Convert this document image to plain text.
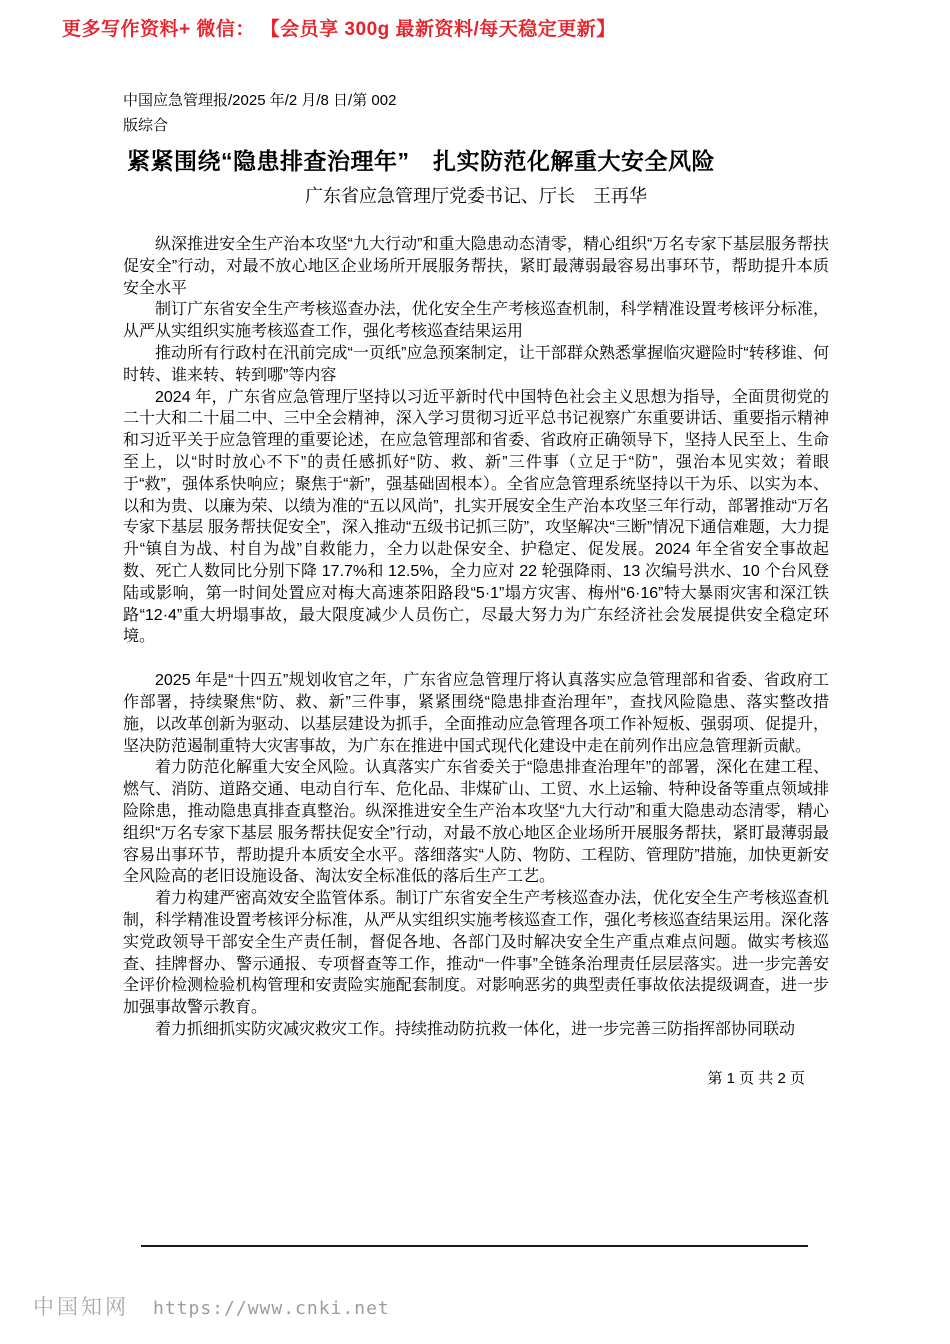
更多写作资料+ 微信： 【会员享 300g 最新资料/每天稳定更新】
中国应急管理报/2025 年/2 月/8 日/第 002
版综合
紧紧围绕“隐患排查治理年”　扎实防范化解重大安全风险
广东省应急管理厅党委书记、厅长　王再华

纵深推进安全生产治本攻坚“九大行动”和重大隐患动态清零，精心组织“万名专家下基层服务帮扶促安全”行动，对最不放心地区企业场所开展服务帮扶，紧盯最薄弱最容易出事环节，帮助提升本质安全水平

制订广东省安全生产考核巡查办法，优化安全生产考核巡查机制，科学精准设置考核评分标准，从严从实组织实施考核巡查工作，强化考核巡查结果运用

推动所有行政村在汛前完成“一页纸”应急预案制定，让干部群众熟悉掌握临灾避险时“转移谁、何时转、谁来转、转到哪”等内容

2024 年，广东省应急管理厅坚持以习近平新时代中国特色社会主义思想为指导，全面贯彻党的二十大和二十届二中、三中全会精神，深入学习贯彻习近平总书记视察广东重要讲话、重要指示精神和习近平关于应急管理的重要论述，在应急管理部和省委、省政府正确领导下，坚持人民至上、生命至上，以“时时放心不下”的责任感抓好“防、救、新”三件事（立足于“防”，强治本见实效；着眼于“救”，强体系快响应；聚焦于“新”，强基础固根本）。全省应急管理系统坚持以干为乐、以实为本、以和为贵、以廉为荣、以绩为准的“五以风尚”，扎实开展安全生产治本攻坚三年行动，部署推动“万名专家下基层 服务帮扶促安全”，深入推动“五级书记抓三防”，攻坚解决“三断”情况下通信难题，大力提升“镇自为战、村自为战”自救能力，全力以赴保安全、护稳定、促发展。2024 年全省安全事故起数、死亡人数同比分别下降 17.7%和 12.5%，全力应对 22 轮强降雨、13 次编号洪水、10 个台风登陆或影响，第一时间处置应对梅大高速茶阳路段“5·1”塌方灾害、梅州“6·16”特大暴雨灾害和深江铁路“12·4”重大坍塌事故，最大限度减少人员伤亡，尽最大努力为广东经济社会发展提供安全稳定环境。

2025 年是“十四五”规划收官之年，广东省应急管理厅将认真落实应急管理部和省委、省政府工作部署，持续聚焦“防、救、新”三件事，紧紧围绕“隐患排查治理年”，查找风险隐患、落实整改措施，以改革创新为驱动、以基层建设为抓手，全面推动应急管理各项工作补短板、强弱项、促提升，坚决防范遏制重特大灾害事故，为广东在推进中国式现代化建设中走在前列作出应急管理新贡献。

着力防范化解重大安全风险。认真落实广东省委关于“隐患排查治理年”的部署，深化在建工程、燃气、消防、道路交通、电动自行车、危化品、非煤矿山、工贸、水上运输、特种设备等重点领域排险除患，推动隐患真排查真整治。纵深推进安全生产治本攻坚“九大行动”和重大隐患动态清零，精心组织“万名专家下基层 服务帮扶促安全”行动，对最不放心地区企业场所开展服务帮扶，紧盯最薄弱最容易出事环节，帮助提升本质安全水平。落细落实“人防、物防、工程防、管理防”措施，加快更新安全风险高的老旧设施设备、淘汰安全标准低的落后生产工艺。

着力构建严密高效安全监管体系。制订广东省安全生产考核巡查办法，优化安全生产考核巡查机制，科学精准设置考核评分标准，从严从实组织实施考核巡查工作，强化考核巡查结果运用。深化落实党政领导干部安全生产责任制，督促各地、各部门及时解决安全生产重点难点问题。做实考核巡查、挂牌督办、警示通报、专项督查等工作，推动“一件事”全链条治理责任层层落实。进一步完善安全评价检测检验机构管理和安责险实施配套制度。对影响恶劣的典型责任事故依法提级调查，进一步加强事故警示教育。

着力抓细抓实防灾减灾救灾工作。持续推动防抗救一体化，进一步完善三防指挥部协同联动

第 1 页 共 2 页
中国知网 https://www.cnki.net
